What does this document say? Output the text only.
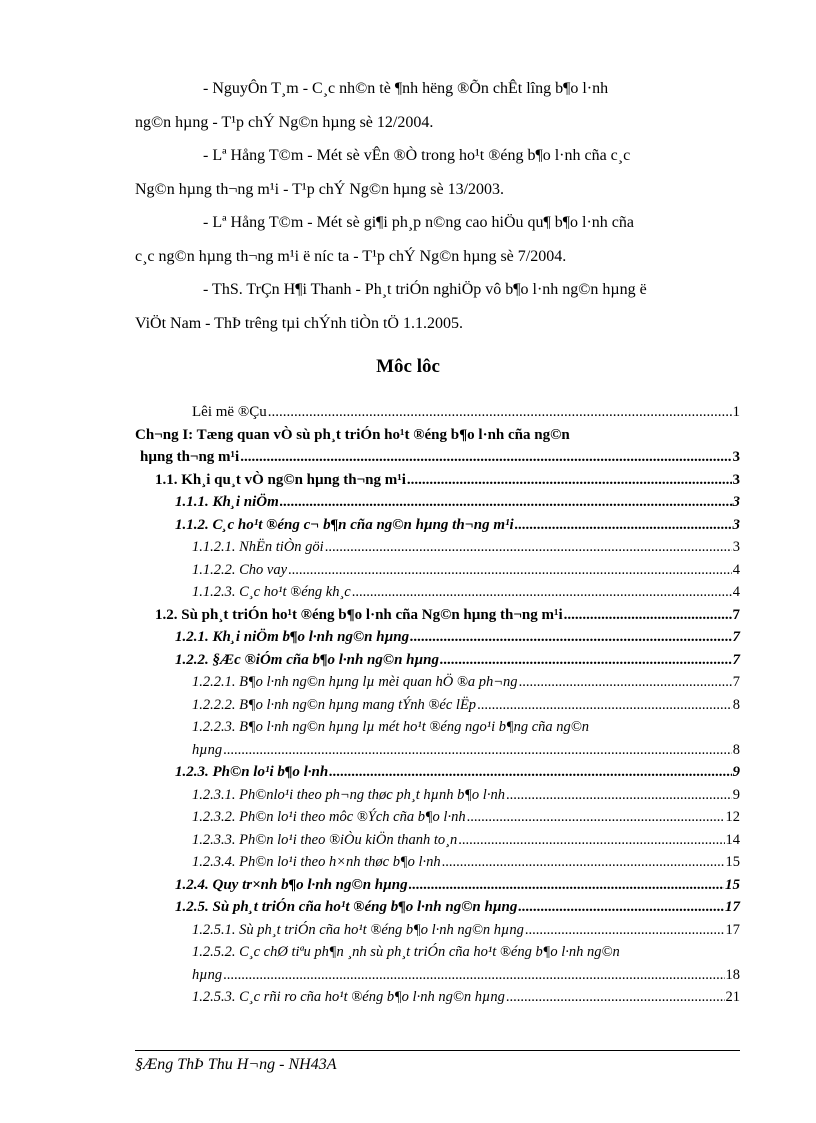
- NguyÔn T¸m - C¸c nh©n tè ¶nh hëng ®Õn chÊt lîng b¶o l·nh
ng©n hµng - T¹p chÝ Ng©n hµng sè 12/2004.
- Lª Hång T©m - Mét sè vÊn ®Ò trong ho¹t ®éng b¶o l·nh cña c¸c
Ng©n hµng th¬ng m¹i - T¹p chÝ Ng©n hµng sè 13/2003.
- Lª Hång T©m - Mét sè gi¶i ph¸p n©ng cao hiÖu qu¶ b¶o l·nh cña
c¸c ng©n hµng th¬ng m¹i ë níc ta - T¹p chÝ Ng©n hµng sè 7/2004.
- ThS. TrÇn H¶i Thanh - Ph¸t triÓn nghiÖp vô b¶o l·nh ng©n hµng ë
ViÖt Nam - ThÞ trêng tµi chÝnh tiÒn tÖ 1.1.2005.
Môc lôc
Lêi më ®Çu .....	1
Ch¬ng I: Tæng quan vÒ sù ph¸t triÓn ho¹t ®éng b¶o l·nh cña ng©n
hµng th¬ng m¹i .....	3
1.1. Kh¸i qu¸t vÒ ng©n hµng th¬ng m¹i .....	3
1.1.1. Kh¸i niÖm .....	3
1.1.2. C¸c ho¹t ®éng c¬ b¶n cña ng©n hµng th¬ng m¹i .....	3
1.1.2.1. NhËn tiÒn göi .....	3
1.1.2.2. Cho vay .....	4
1.1.2.3. C¸c ho¹t ®éng kh¸c .....	4
1.2. Sù ph¸t triÓn ho¹t ®éng b¶o l·nh cña Ng©n hµng th¬ng m¹i .....	7
1.2.1. Kh¸i niÖm b¶o l·nh ng©n hµng .....	7
1.2.2. §Æc ®iÓm cña b¶o l·nh ng©n hµng .....	7
1.2.2.1. B¶o l·nh ng©n hµng lµ mèi quan hÖ ®a ph¬ng .....	7
1.2.2.2. B¶o l·nh ng©n hµng mang tÝnh ®éc lËp .....	8
1.2.2.3. B¶o l·nh ng©n hµng lµ mét ho¹t ®éng ngo¹i b¶ng cña ng©n
hµng .....	8
1.2.3. Ph©n lo¹i b¶o l·nh .....	9
1.2.3.1. Ph©nlo¹i theo ph¬ng thøc ph¸t hµnh b¶o l·nh .....	9
1.2.3.2. Ph©n lo¹i theo môc ®Ých cña b¶o l·nh .....	12
1.2.3.3. Ph©n lo¹i theo ®iÒu kiÖn thanh to¸n .....	14
1.2.3.4. Ph©n lo¹i theo h×nh thøc b¶o l·nh .....	15
1.2.4. Quy tr×nh b¶o l·nh ng©n hµng .....	15
1.2.5. Sù ph¸t triÓn cña ho¹t ®éng b¶o l·nh ng©n hµng .....	17
1.2.5.1. Sù ph¸t triÓn cña ho¹t ®éng b¶o l·nh ng©n hµng .....	17
1.2.5.2. C¸c chØ tiªu ph¶n ¸nh sù ph¸t triÓn cña ho¹t ®éng b¶o l·nh ng©n
hµng .....	18
1.2.5.3. C¸c rñi ro cña ho¹t ®éng b¶o l·nh ng©n hµng .....	21
§Æng ThÞ Thu H¬ng - NH43A
